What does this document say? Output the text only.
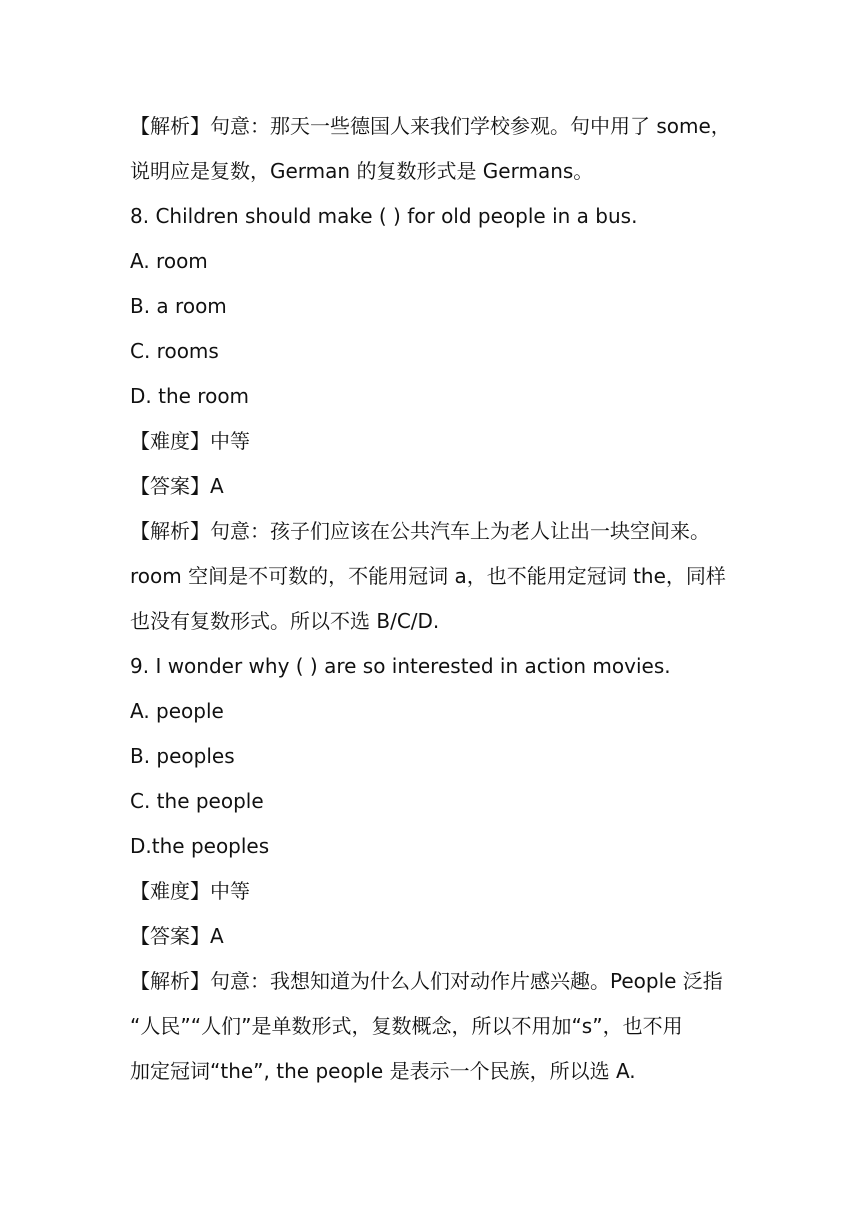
【解析】句意：那天一些德国人来我们学校参观。句中用了 some，
说明应是复数，German 的复数形式是 Germans。
8. Children should make ( ) for old people in a bus.
A. room
B. a room
C. rooms
D. the room
【难度】中等
【答案】A
【解析】句意：孩子们应该在公共汽车上为老人让出一块空间来。
room 空间是不可数的，不能用冠词 a，也不能用定冠词 the，同样
也没有复数形式。所以不选 B/C/D.
9. I wonder why ( ) are so interested in action movies.
A. people
B. peoples
C. the people
D.the peoples
【难度】中等
【答案】A
【解析】句意：我想知道为什么人们对动作片感兴趣。People 泛指
“人民”“人们”是单数形式，复数概念，所以不用加“s”，也不用
加定冠词“the”, the people 是表示一个民族，所以选 A.
